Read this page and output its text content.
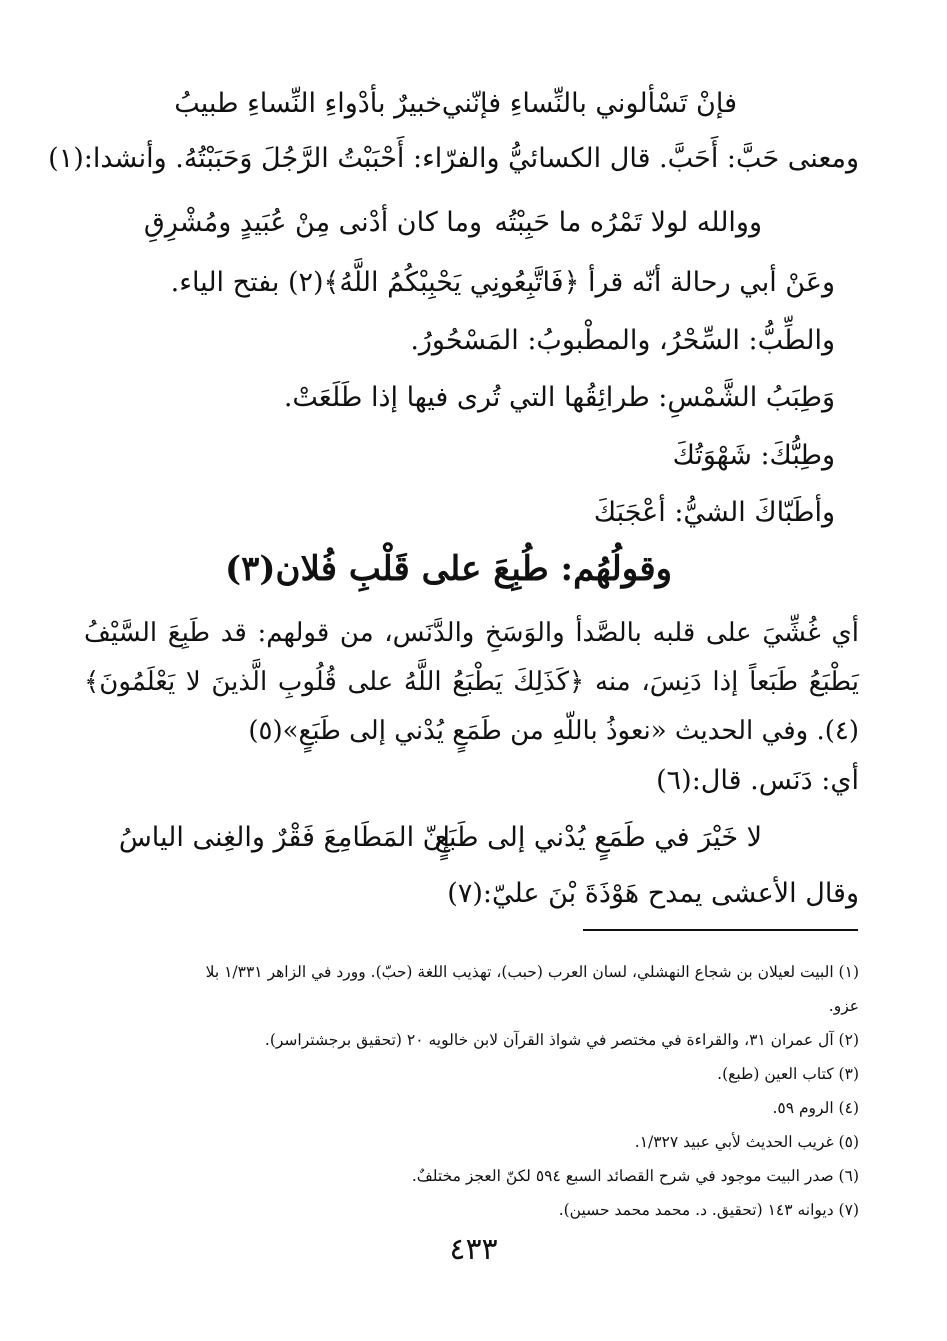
فإنْ تَسْألوني بالنِّساءِ فإنّني
خبيرٌ بأدْواءِ النِّساءِ طبيبُ
ومعنى حَبَّ: أَحَبَّ. قال الكسائيُّ والفرّاء: أَحْبَبْتُ الرَّجُلَ وَحَبَبْتُهُ. وأنشدا:(١)
ووالله لولا تَمْرُه ما حَبِبْتُه
وما كان أدْنى مِنْ عُبَيدٍ ومُشْرِقِ
وعَنْ أبي رحالة أنّه قرأ ﴿فَاتَّبِعُونِي يَحْبِبْكُمُ اللَّهُ﴾(٢) بفتح الياء.
والطِّبُّ: السِّحْرُ، والمطْبوبُ: المَسْحُورُ.
وَطِبَبُ الشَّمْسِ: طرائِقُها التي تُرى فيها إذا طَلَعَتْ.
وطِبُّكَ: شَهْوَتُكَ
وأطَبّاكَ الشيُّ: أعْجَبَكَ
وقولُهُم: طُبِعَ على قَلْبِ فُلان(٣)
أي غُشِّيَ على قلبه بالصَّدأ والوَسَخِ والدَّنَس، من قولهم: قد طَبِعَ السَّيْفُ يَطْبَعُ طَبَعاً إذا دَنِسَ، منه ﴿كَذَلِكَ يَطْبَعُ اللَّهُ على قُلُوبِ الَّذينَ لا يَعْلَمُونَ﴾(٤). وفي الحديث «نعوذُ باللّهِ من طَمَعٍ يُدْني إلى طَبَعٍ»(٥)
أي: دَنَس. قال:(٦)
لا خَيْرَ في طَمَعٍ يُدْني إلى طَبَعٍ
إنّ المَطَامِعَ فَقْرٌ والغِنى الياسُ
وقال الأعشى يمدح هَوْذَةَ بْنَ عليّ:(٧)
(١) البيت لعيلان بن شجاع النهشلي، لسان العرب (حبب)، تهذيب اللغة (حبّ). وورد في الزاهر ١/٣٣١ بلا
عزو.
(٢) آل عمران ٣١، والقراءة في مختصر في شواذ القرآن لابن خالويه ٢٠ (تحقيق برجشتراسر).
(٣) كتاب العين (طبع).
(٤) الروم ٥٩.
(٥) غريب الحديث لأبي عبيد ١/٣٢٧.
(٦) صدر البيت موجود في شرح القصائد السبع ٥٩٤ لكنّ العجز مختلفٌ.
(٧) ديوانه ١٤٣ (تحقيق. د. محمد محمد حسين).
٤٣٣
